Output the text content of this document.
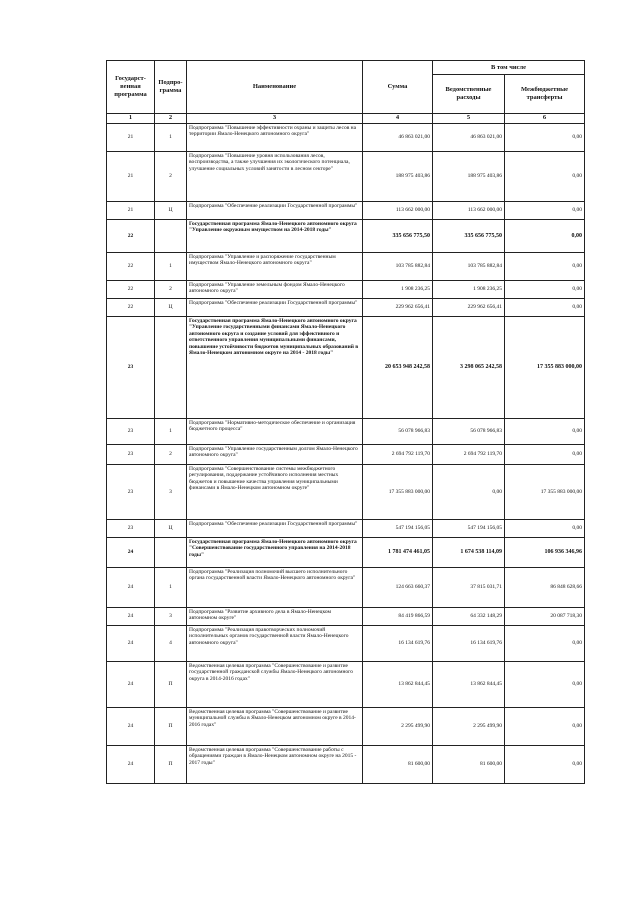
Государст-венная программа	Подпро-грамма	Наименование	Сумма	В том числе	
				Ведомственные расходы	Межбюджетные трансферты
1	2	3	4	5	6
21	1	Подпрограмма "Повышение эффективности охраны и защиты лесов на территории Ямало-Ненецкого автономного округа"	46 863 021,00	46 863 021,00	0,00
21	2	Подпрограмма "Повышение уровня использования лесов, воспроизводства, а также улучшения их экологического потенциала, улучшение социальных условий занятости в лесном секторе"	188 975 403,86	188 975 403,86	0,00
21	Ц	Подпрограмма "Обеспечение реализации Государственной программы"	113 662 000,00	113 662 000,00	0,00
22		Государственная программа Ямало-Ненецкого автономного округа "Управление окружным имуществом на 2014-2018 годы"	335 656 775,50	335 656 775,50	0,00
22	1	Подпрограмма "Управление и распоряжение государственным имуществом Ямало-Ненецкого автономного округа"	103 785 882,84	103 785 882,84	0,00
22	2	Подпрограмма "Управление земельным фондом Ямало-Ненецкого автономного округа"	1 908 236,25	1 908 236,25	0,00
22	Ц	Подпрограмма "Обеспечение реализации Государственной программы"	229 962 656,41	229 962 656,41	0,00
23		Государственная программа Ямало-Ненецкого автономного округа "Управление государственными финансами Ямало-Ненецкого автономного округа и создание условий для эффективного и ответственного управления муниципальными финансами, повышение устойчивости бюджетов муниципальных образований в Ямало-Ненецком автономном округе на 2014 - 2018 годы"	20 653 948 242,58	3 298 065 242,58	17 355 883 000,00
23	1	Подпрограмма "Нормативно-методическое обеспечение и организация бюджетного процесса"	56 078 966,83	56 078 966,83	0,00
23	2	Подпрограмма "Управление государственным долгом Ямало-Ненецкого автономного округа"	2 694 792 119,70	2 694 792 119,70	0,00
23	3	Подпрограмма "Совершенствование системы межбюджетного регулирования, поддержание устойчивого исполнения местных бюджетов и повышение качества управления муниципальными финансами в Ямало-Ненецком автономном округе"	17 355 883 000,00	0,00	17 355 883 000,00
23	Ц	Подпрограмма "Обеспечение реализации Государственной программы"	547 194 156,05	547 194 156,05	0,00
24		Государственная программа Ямало-Ненецкого автономного округа "Совершенствование государственного управления на 2014-2018 годы"	1 781 474 461,05	1 674 538 114,09	106 936 346,96
24	1	Подпрограмма "Реализация полномочий высшего исполнительного органа государственной власти Ямало-Ненецкого автономного округа"	124 663 660,37	37 815 031,71	86 848 628,66
24	3	Подпрограмма "Развитие архивного дела в Ямало-Ненецком автономном округе"	84 419 866,59	64 332 148,29	20 087 718,30
24	4	Подпрограмма "Реализация правотворческих полномочий исполнительных органов государственной власти Ямало-Ненецкого автономного округа"	16 134 619,76	16 134 619,76	0,00
24	П	Ведомственная целевая программа "Совершенствование и развитие государственной гражданской службы Ямало-Ненецкого автономного округа в 2014-2016 годах"	13 862 844,45	13 862 844,45	0,00
24	П	Ведомственная целевая программа "Совершенствование и развитие муниципальной службы в Ямало-Ненецком автономном округе в 2014-2016 годах"	2 295 499,90	2 295 499,90	0,00
24	П	Ведомственная целевая программа "Совершенствование работы с обращениями граждан в Ямало-Ненецком автономном округе на 2015 - 2017 годы"	81 600,00	81 600,00	0,00
